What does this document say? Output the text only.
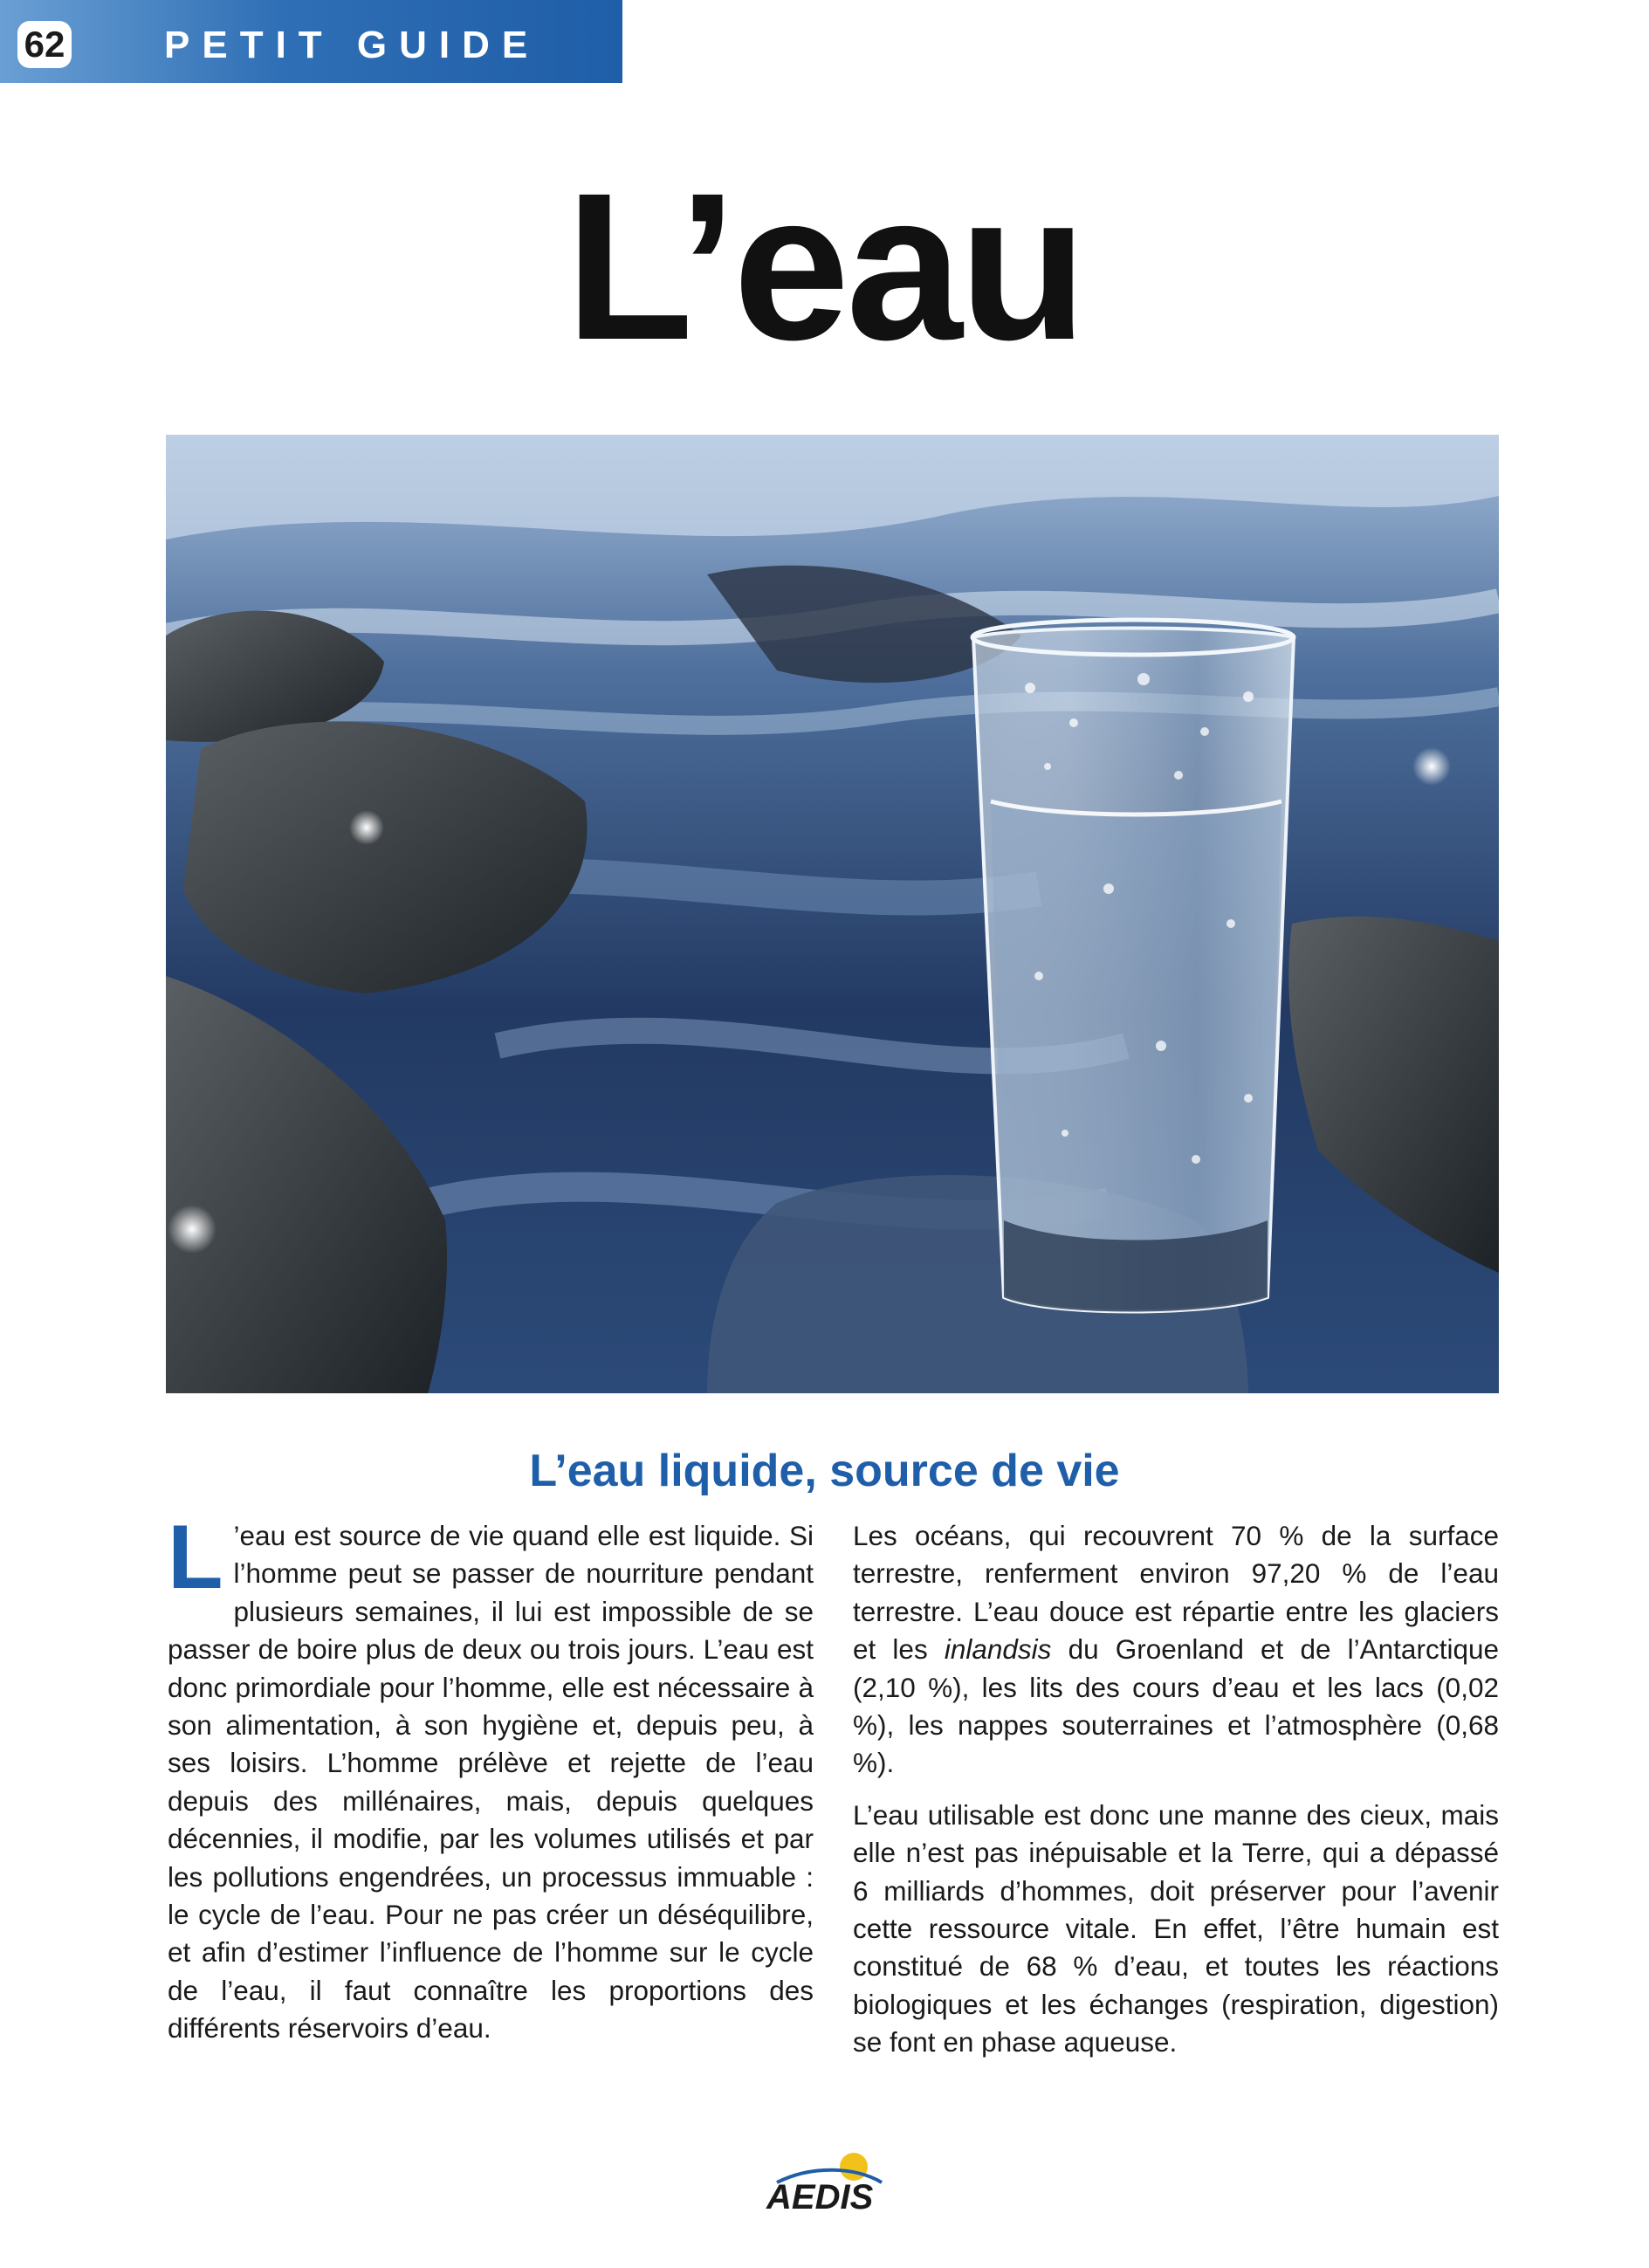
62	PETIT GUIDE
L’eau
L’eau liquide, source de vie

L ’eau est source de vie quand elle est liquide. Si l’homme peut se passer de nourriture pendant plusieurs semaines, il lui est impossible de se passer de boire plus de deux ou trois jours. L’eau est donc primordiale pour l’homme, elle est nécessaire à son alimentation, à son hygiène et, depuis peu, à ses loisirs. L’homme prélève et rejette de l’eau depuis des millénaires, mais, depuis quelques décennies, il modifie, par les volumes utilisés et par les pollutions engendrées, un processus immuable : le cycle de l’eau. Pour ne pas créer un déséquilibre, et afin d’estimer l’influence de l’homme sur le cycle de l’eau, il faut connaître les proportions des différents réservoirs d’eau.

Les océans, qui recouvrent 70 % de la surface terrestre, renferment environ 97,20 % de l’eau terrestre. L’eau douce est répartie entre les glaciers et les inlandsis du Groenland et de l’Antarctique (2,10 %), les lits des cours d’eau et les lacs (0,02 %), les nappes souterraines et l’atmosphère (0,68 %).

L’eau utilisable est donc une manne des cieux, mais elle n’est pas inépuisable et la Terre, qui a dépassé 6 milliards d’hommes, doit préserver pour l’avenir cette ressource vitale. En effet, l’être humain est constitué de 68 % d’eau, et toutes les réactions biologiques et les échanges (respiration, digestion) se font en phase aqueuse.

AEDIS
